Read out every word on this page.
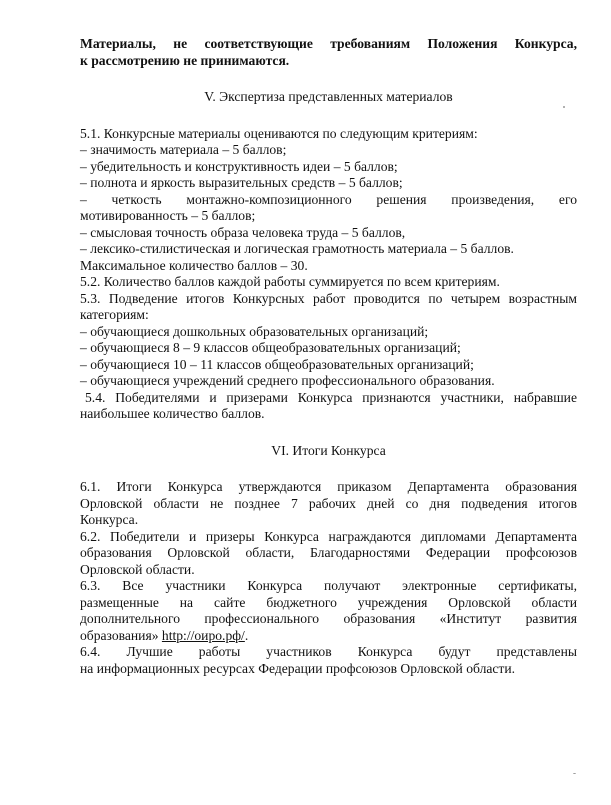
Материалы, не соответствующие требованиям Положения Конкурса,

к рассмотрению не принимаются.

V. Экспертиза представленных материалов

5.1. Конкурсные материалы оцениваются по следующим критериям:

– значимость материала – 5 баллов;

– убедительность и конструктивность идеи – 5 баллов;

– полнота и яркость выразительных средств – 5 баллов;

– четкость монтажно-композиционного решения произведения, его

мотивированность – 5 баллов;

– смысловая точность образа человека труда – 5 баллов,

– лексико-стилистическая и логическая грамотность материала – 5 баллов.

Максимальное количество баллов – 30.

5.2. Количество баллов каждой работы суммируется по всем критериям.

5.3. Подведение итогов Конкурсных работ проводится по четырем возрастным

категориям:

– обучающиеся дошкольных образовательных организаций;

– обучающиеся 8 – 9 классов общеобразовательных организаций;

– обучающиеся 10 – 11 классов общеобразовательных организаций;

– обучающиеся учреждений среднего профессионального образования.

5.4. Победителями и призерами Конкурса признаются участники, набравшие

наибольшее количество баллов.

VI. Итоги Конкурса

6.1. Итоги Конкурса утверждаются приказом Департамента образования

Орловской области не позднее 7 рабочих дней со дня подведения итогов

Конкурса.

6.2. Победители и призеры Конкурса награждаются дипломами Департамента

образования Орловской области, Благодарностями Федерации профсоюзов

Орловской области.

6.3. Все участники Конкурса получают электронные сертификаты,

размещенные на сайте бюджетного учреждения Орловской области

дополнительного профессионального образования «Институт развития

образования» http://оиро.рф/.

6.4. Лучшие работы участников Конкурса будут представлены

на информационных ресурсах Федерации профсоюзов Орловской области.
